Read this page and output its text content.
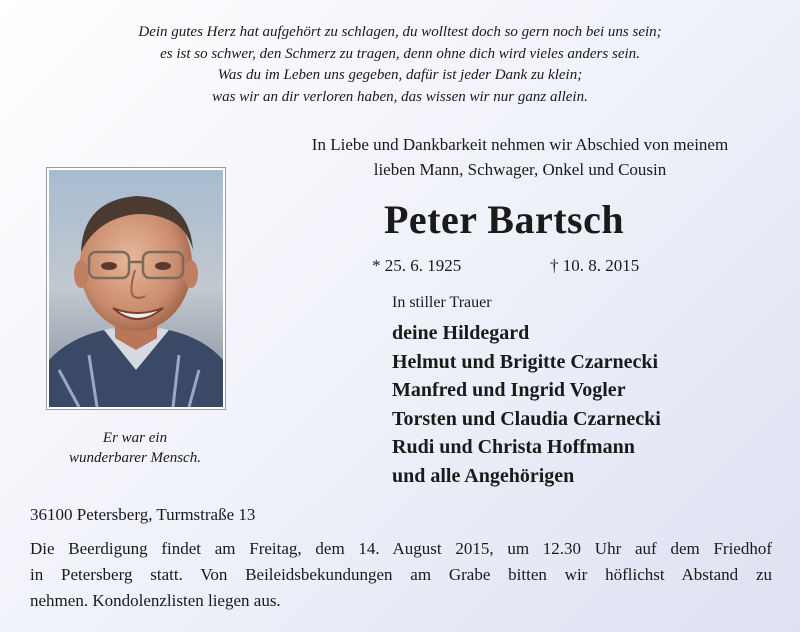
Dein gutes Herz hat aufgehört zu schlagen, du wolltest doch so gern noch bei uns sein;
es ist so schwer, den Schmerz zu tragen, denn ohne dich wird vieles anders sein.
Was du im Leben uns gegeben, dafür ist jeder Dank zu klein;
was wir an dir verloren haben, das wissen wir nur ganz allein.
In Liebe und Dankbarkeit nehmen wir Abschied von meinem
lieben Mann, Schwager, Onkel und Cousin
Er war ein
wunderbarer Mensch.
Peter Bartsch
* 25. 6. 1925	† 10. 8. 2015
In stiller Trauer
deine Hildegard
Helmut und Brigitte Czarnecki
Manfred und Ingrid Vogler
Torsten und Claudia Czarnecki
Rudi und Christa Hoffmann
und alle Angehörigen
36100 Petersberg, Turmstraße 13
Die Beerdigung findet am Freitag, dem 14. August 2015, um 12.30 Uhr auf dem Friedhof
in Petersberg statt. Von Beileidsbekundungen am Grabe bitten wir höflichst Abstand zu
nehmen. Kondolenzlisten liegen aus.
